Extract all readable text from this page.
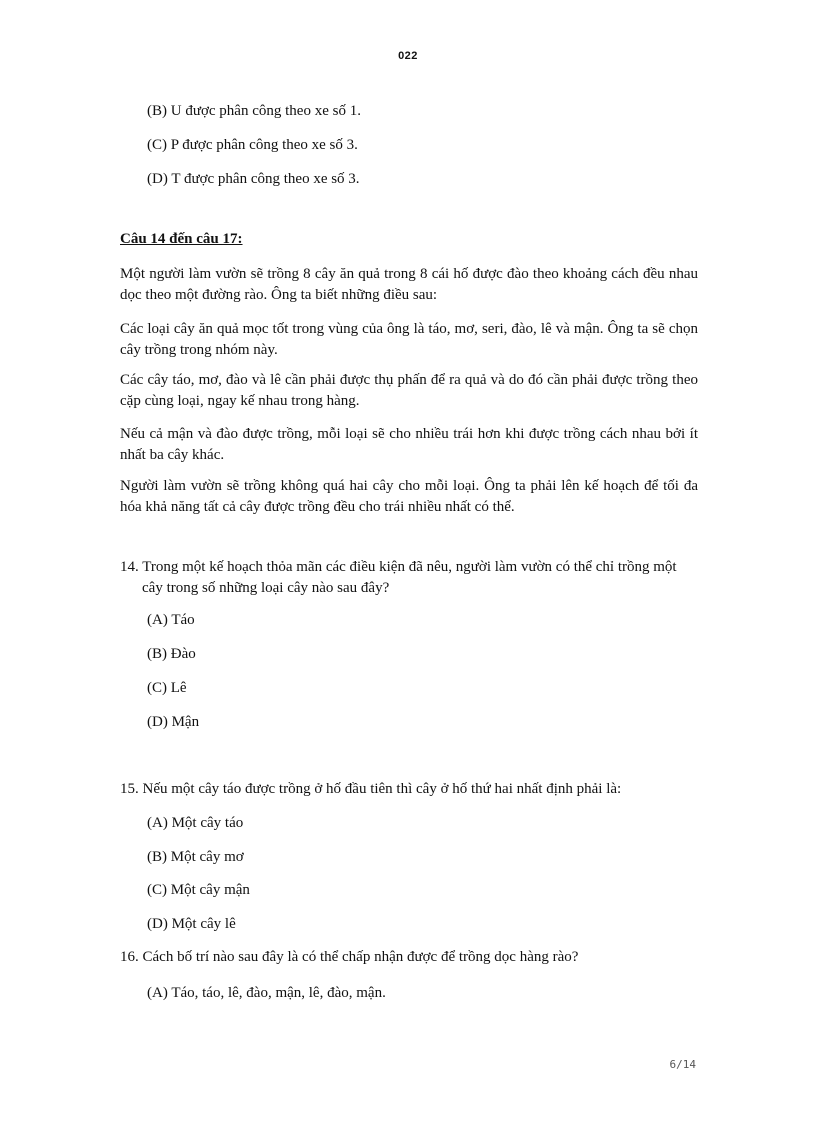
022
(B) U được phân công theo xe số 1.
(C) P được phân công theo xe số 3.
(D) T được phân công theo xe số 3.
Câu 14 đến câu 17:
Một người làm vườn sẽ trồng 8 cây ăn quả trong 8 cái hố được đào theo khoảng cách đều nhau dọc theo một đường rào. Ông ta biết những điều sau:
Các loại cây ăn quả mọc tốt trong vùng của ông là táo, mơ, seri, đào, lê và mận. Ông ta sẽ chọn cây trồng trong nhóm này.
Các cây táo, mơ, đào và lê cần phải được thụ phấn để ra quả và do đó cần phải được trồng theo cặp cùng loại, ngay kế nhau trong hàng.
Nếu cả mận và đào được trồng, mỗi loại sẽ cho nhiều trái hơn khi được trồng cách nhau bởi ít nhất ba cây khác.
Người làm vườn sẽ trồng không quá hai cây cho mỗi loại. Ông ta phải lên kế hoạch để tối đa hóa khả năng tất cả cây được trồng đều cho trái nhiều nhất có thể.
14. Trong một kế hoạch thỏa mãn các điều kiện đã nêu, người làm vườn có thể chỉ trồng một cây trong số những loại cây nào sau đây?
(A) Táo
(B) Đào
(C) Lê
(D) Mận
15. Nếu một cây táo được trồng ở hố đầu tiên thì cây ở hố thứ hai nhất định phải là:
(A) Một cây táo
(B) Một cây mơ
(C) Một cây mận
(D) Một cây lê
16. Cách bố trí nào sau đây là có thể chấp nhận được để trồng dọc hàng rào?
(A) Táo, táo, lê, đào, mận, lê, đào, mận.
6/14
